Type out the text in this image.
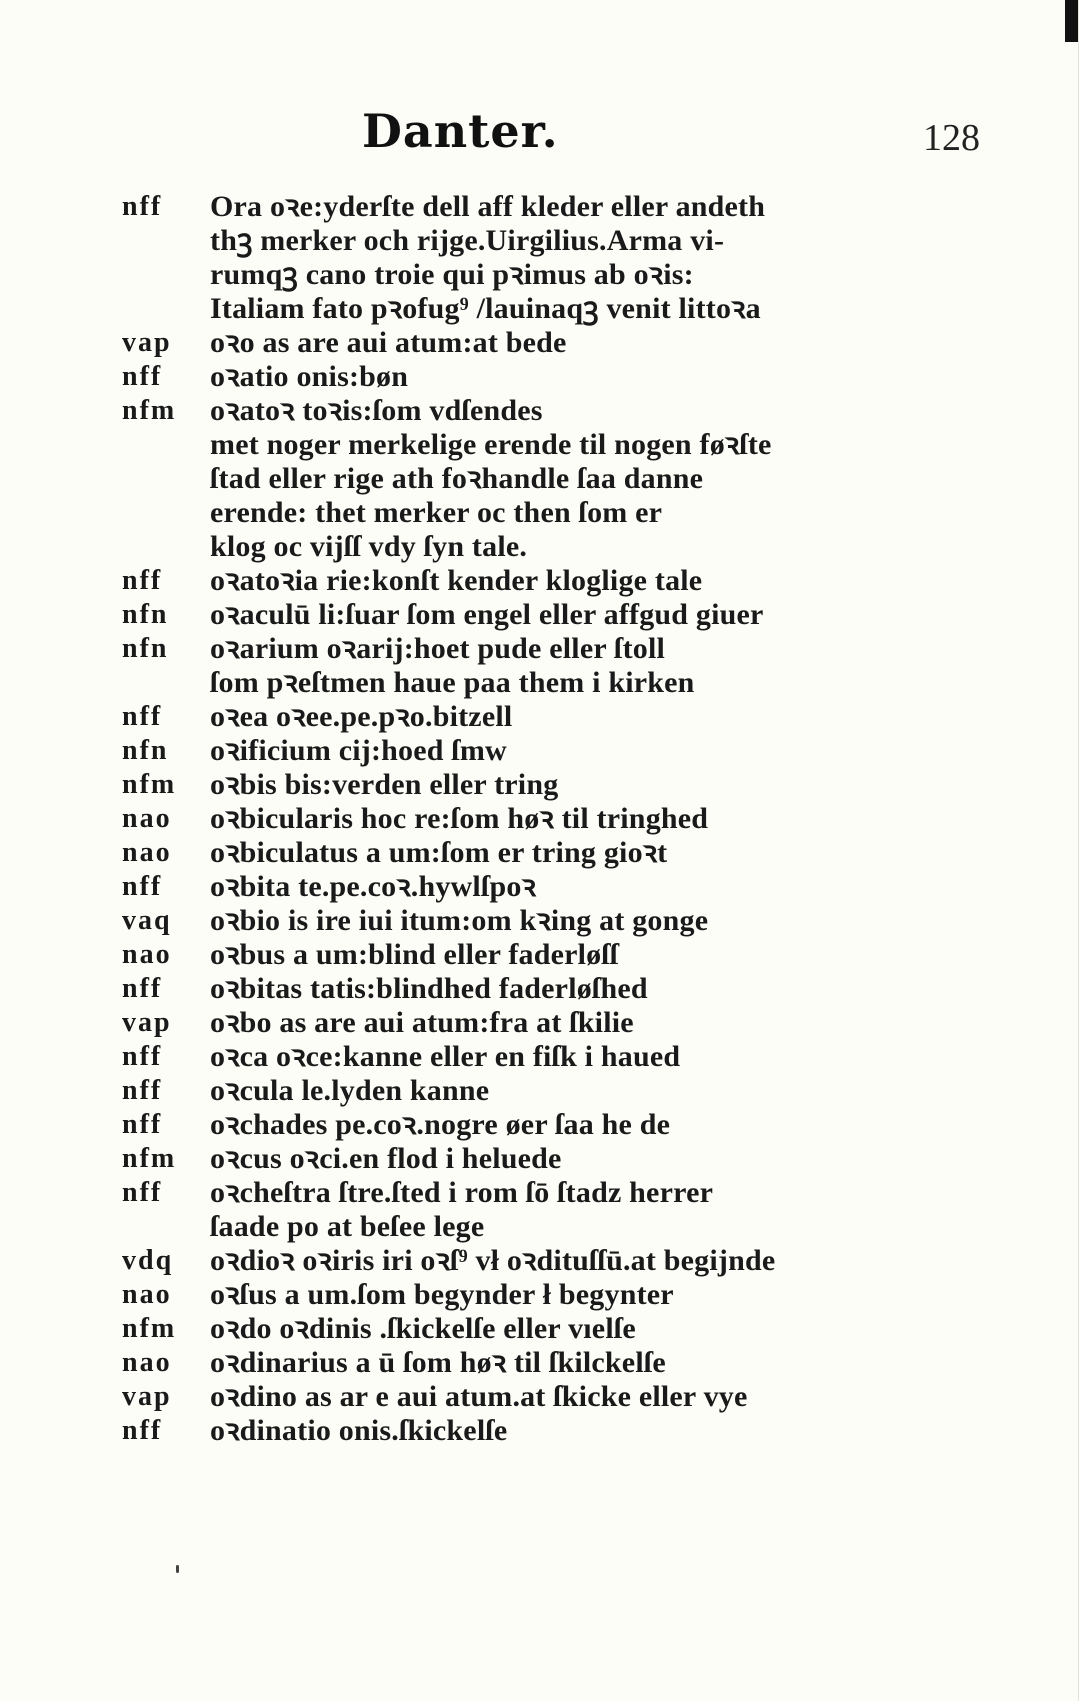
Danter.	128
nff	Ora oꝛe:yderſte dell aff kleder eller andeth
thꝫ merker och rijge.Uirgilius.Arma vi-
rumqꝫ cano troie qui pꝛimus ab oꝛis:
Italiam fato pꝛofug⁹ /lauinaqꝫ venit littoꝛa
vap	oꝛo as are aui atum:at bede
nff	oꝛatio onis:bøn
nfm	oꝛatoꝛ toꝛis:ſom vdſendes
met noger merkelige erende til nogen føꝛſte
ſtad eller rige ath foꝛhandle ſaa danne
erende: thet merker oc then ſom er
klog oc vijſſ vdy ſyn tale.
nff	oꝛatoꝛia rie:konſt kender kloglige tale
nfn	oꝛaculū li:ſuar ſom engel eller affgud giuer
nfn	oꝛarium oꝛarij:hoet pude eller ſtoll
ſom pꝛeſtmen haue paa them i kirken
nff	oꝛea oꝛee.pe.pꝛo.bitzell
nfn	oꝛificium cij:hoed ſmw
nfm	oꝛbis bis:verden eller tring
nao	oꝛbicularis hoc re:ſom høꝛ til tringhed
nao	oꝛbiculatus a um:ſom er tring gioꝛt
nff	oꝛbita te.pe.coꝛ.hywlſpoꝛ
vaq	oꝛbio is ire iui itum:om kꝛing at gonge
nao	oꝛbus a um:blind eller faderløſſ
nff	oꝛbitas tatis:blindhed faderløſhed
vap	oꝛbo as are aui atum:fra at ſkilie
nff	oꝛca oꝛce:kanne eller en fiſk i haued
nff	oꝛcula le.lyden kanne
nff	oꝛchades pe.coꝛ.nogre øer ſaa he de
nfm	oꝛcus oꝛci.en flod i heluede
nff	oꝛcheſtra ſtre.ſted i rom ſō ſtadz herrer
ſaade po at beſee lege
vdq	oꝛdioꝛ oꝛiris iri oꝛſ⁹ vł oꝛdituſſū.at begijnde
nao	oꝛſus a um.ſom begynder ł begynter
nfm	oꝛdo oꝛdinis .ſkickelſe eller vıelſe
nao	oꝛdinarius a ū ſom høꝛ til ſkilckelſe
vap	oꝛdino as ar e aui atum.at ſkicke eller vye
nff	oꝛdinatio onis.ſkickelſe
